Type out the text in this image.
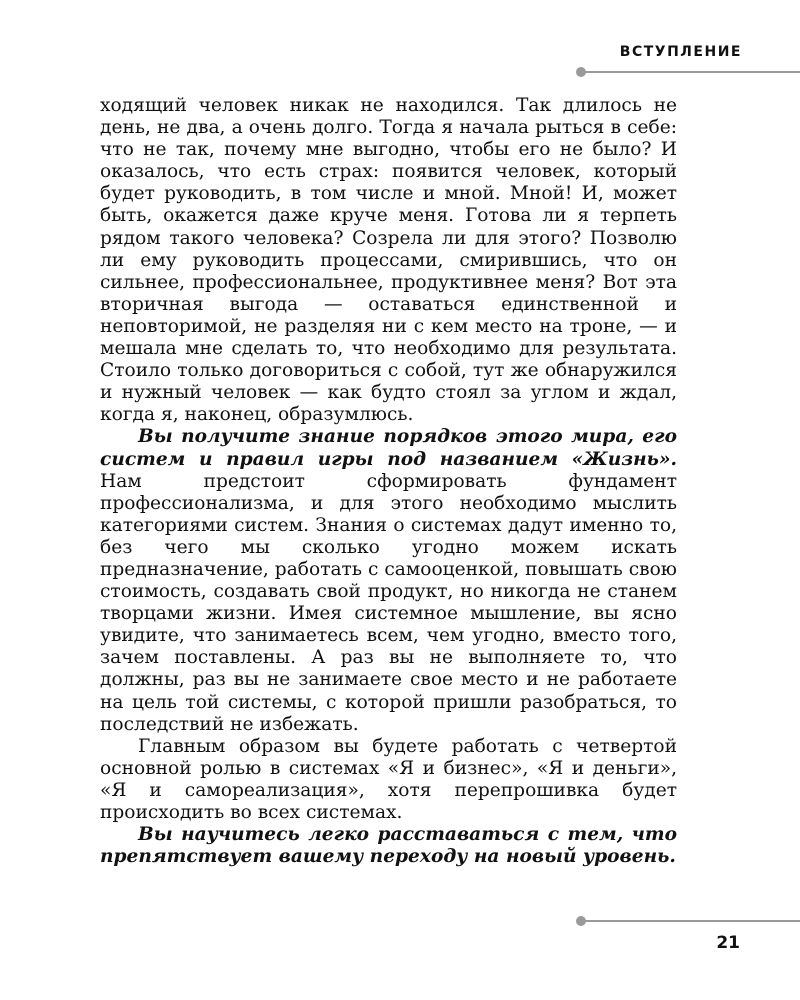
ВСТУПЛЕНИЕ

ходящий человек никак не находился. Так длилось не день, не два, а очень долго. Тогда я начала рыться в себе: что не так, почему мне выгодно, чтобы его не было? И оказалось, что есть страх: появится человек, который будет руководить, в том числе и мной. Мной! И, может быть, окажется даже круче меня. Готова ли я терпеть рядом такого человека? Созрела ли для этого? Позволю ли ему руководить процессами, смирившись, что он сильнее, профессиональнее, продуктивнее меня? Вот эта вторичная выгода — оставаться единственной и неповторимой, не разделяя ни с кем место на троне, — и мешала мне сделать то, что необходимо для результата. Стоило только договориться с собой, тут же обнаружился и нужный человек — как будто стоял за углом и ждал, когда я, наконец, образумлюсь.

Вы получите знание порядков этого мира, его систем и правил игры под названием «Жизнь». Нам предстоит сформировать фундамент профессионализма, и для этого необходимо мыслить категориями систем. Знания о системах дадут именно то, без чего мы сколько угодно можем искать предназначение, работать с самооценкой, повышать свою стоимость, создавать свой продукт, но никогда не станем творцами жизни. Имея системное мышление, вы ясно увидите, что занимаетесь всем, чем угодно, вместо того, зачем поставлены. А раз вы не выполняете то, что должны, раз вы не занимаете свое место и не работаете на цель той системы, с которой пришли разобраться, то последствий не избежать.

Главным образом вы будете работать с четвертой основной ролью в системах «Я и бизнес», «Я и деньги», «Я и самореализация», хотя перепрошивка будет происходить во всех системах.

Вы научитесь легко расставаться с тем, что препятствует вашему переходу на новый уровень.

21
